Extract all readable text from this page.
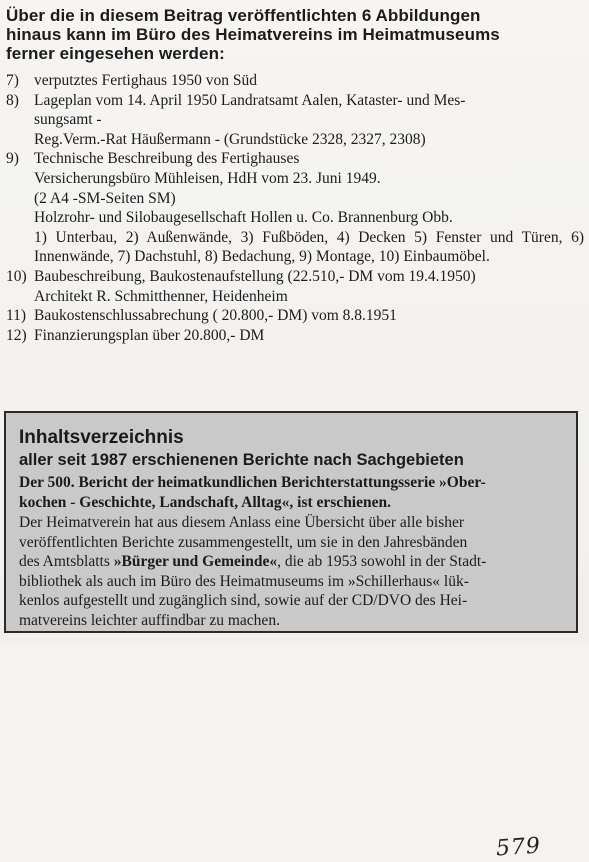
Über die in diesem Beitrag veröffentlichten 6 Abbildungen
hinaus kann im Büro des Heimatvereins im Heimatmuseums
ferner eingesehen werden:
7) verputztes Fertighaus 1950 von Süd
8) Lageplan vom 14. April 1950 Landratsamt Aalen, Kataster- und Mes-
sungsamt -
Reg.Verm.-Rat Häußermann - (Grundstücke 2328, 2327, 2308)
9) Technische Beschreibung des Fertighauses
Versicherungsbüro Mühleisen, HdH vom 23. Juni 1949.
(2 A4 -SM-Seiten SM)
Holzrohr- und Silobaugesellschaft Hollen u. Co. Brannenburg Obb.
1) Unterbau, 2) Außenwände, 3) Fußböden, 4) Decken 5) Fenster und Türen, 6) Innenwände, 7) Dachstuhl, 8) Bedachung, 9) Montage, 10) Einbaumöbel.
10) Baubeschreibung, Baukostenaufstellung (22.510,- DM vom 19.4.1950)
Architekt R. Schmitthenner, Heidenheim
11) Baukostenschlussabrechung ( 20.800,- DM) vom 8.8.1951
12) Finanzierungsplan über 20.800,- DM
Inhaltsverzeichnis
aller seit 1987 erschienenen Berichte nach Sachgebieten
Der 500. Bericht der heimatkundlichen Berichterstattungsserie »Ober-
kochen - Geschichte, Landschaft, Alltag«, ist erschienen.
Der Heimatverein hat aus diesem Anlass eine Übersicht über alle bisher
veröffentlichten Berichte zusammengestellt, um sie in den Jahresbänden
des Amtsblatts »Bürger und Gemeinde«, die ab 1953 sowohl in der Stadt-
bibliothek als auch im Büro des Heimatmuseums im »Schillerhaus« lük-
kenlos aufgestellt und zugänglich sind, sowie auf der CD/DVO des Hei-
matvereins leichter auffindbar zu machen.
579
